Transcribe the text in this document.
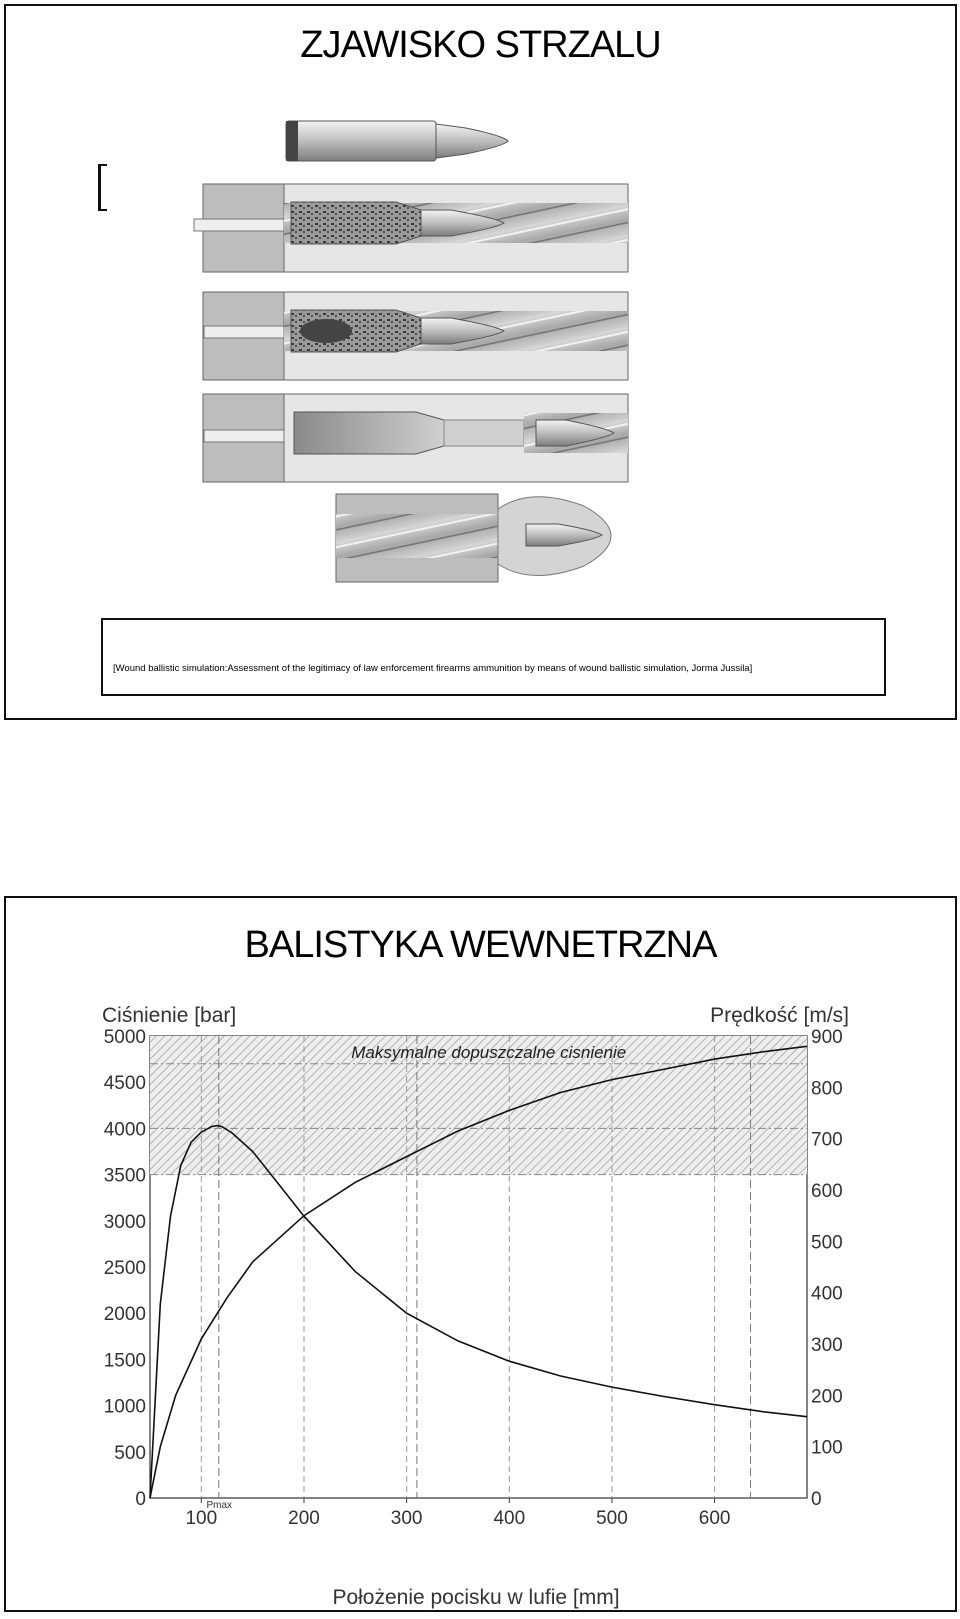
ZJAWISKO STRZALU
[Wound ballistic simulation:Assessment of the legitimacy of law enforcement firearms ammunition by means of wound ballistic simulation, Jorma Jussila]
BALISTYKA WEWNETRZNA
Ciśnienie [bar]	Prędkość [m/s]
Położenie pocisku w lufie [mm]
Maksymalne dopuszczalne cisnienie
100	200	300	400	500	600
0
500
1000
1500
2000
2500
3000
3500
4000
4500
5000
0
100
200
300
400
500
600
700
800
900
Pmax
